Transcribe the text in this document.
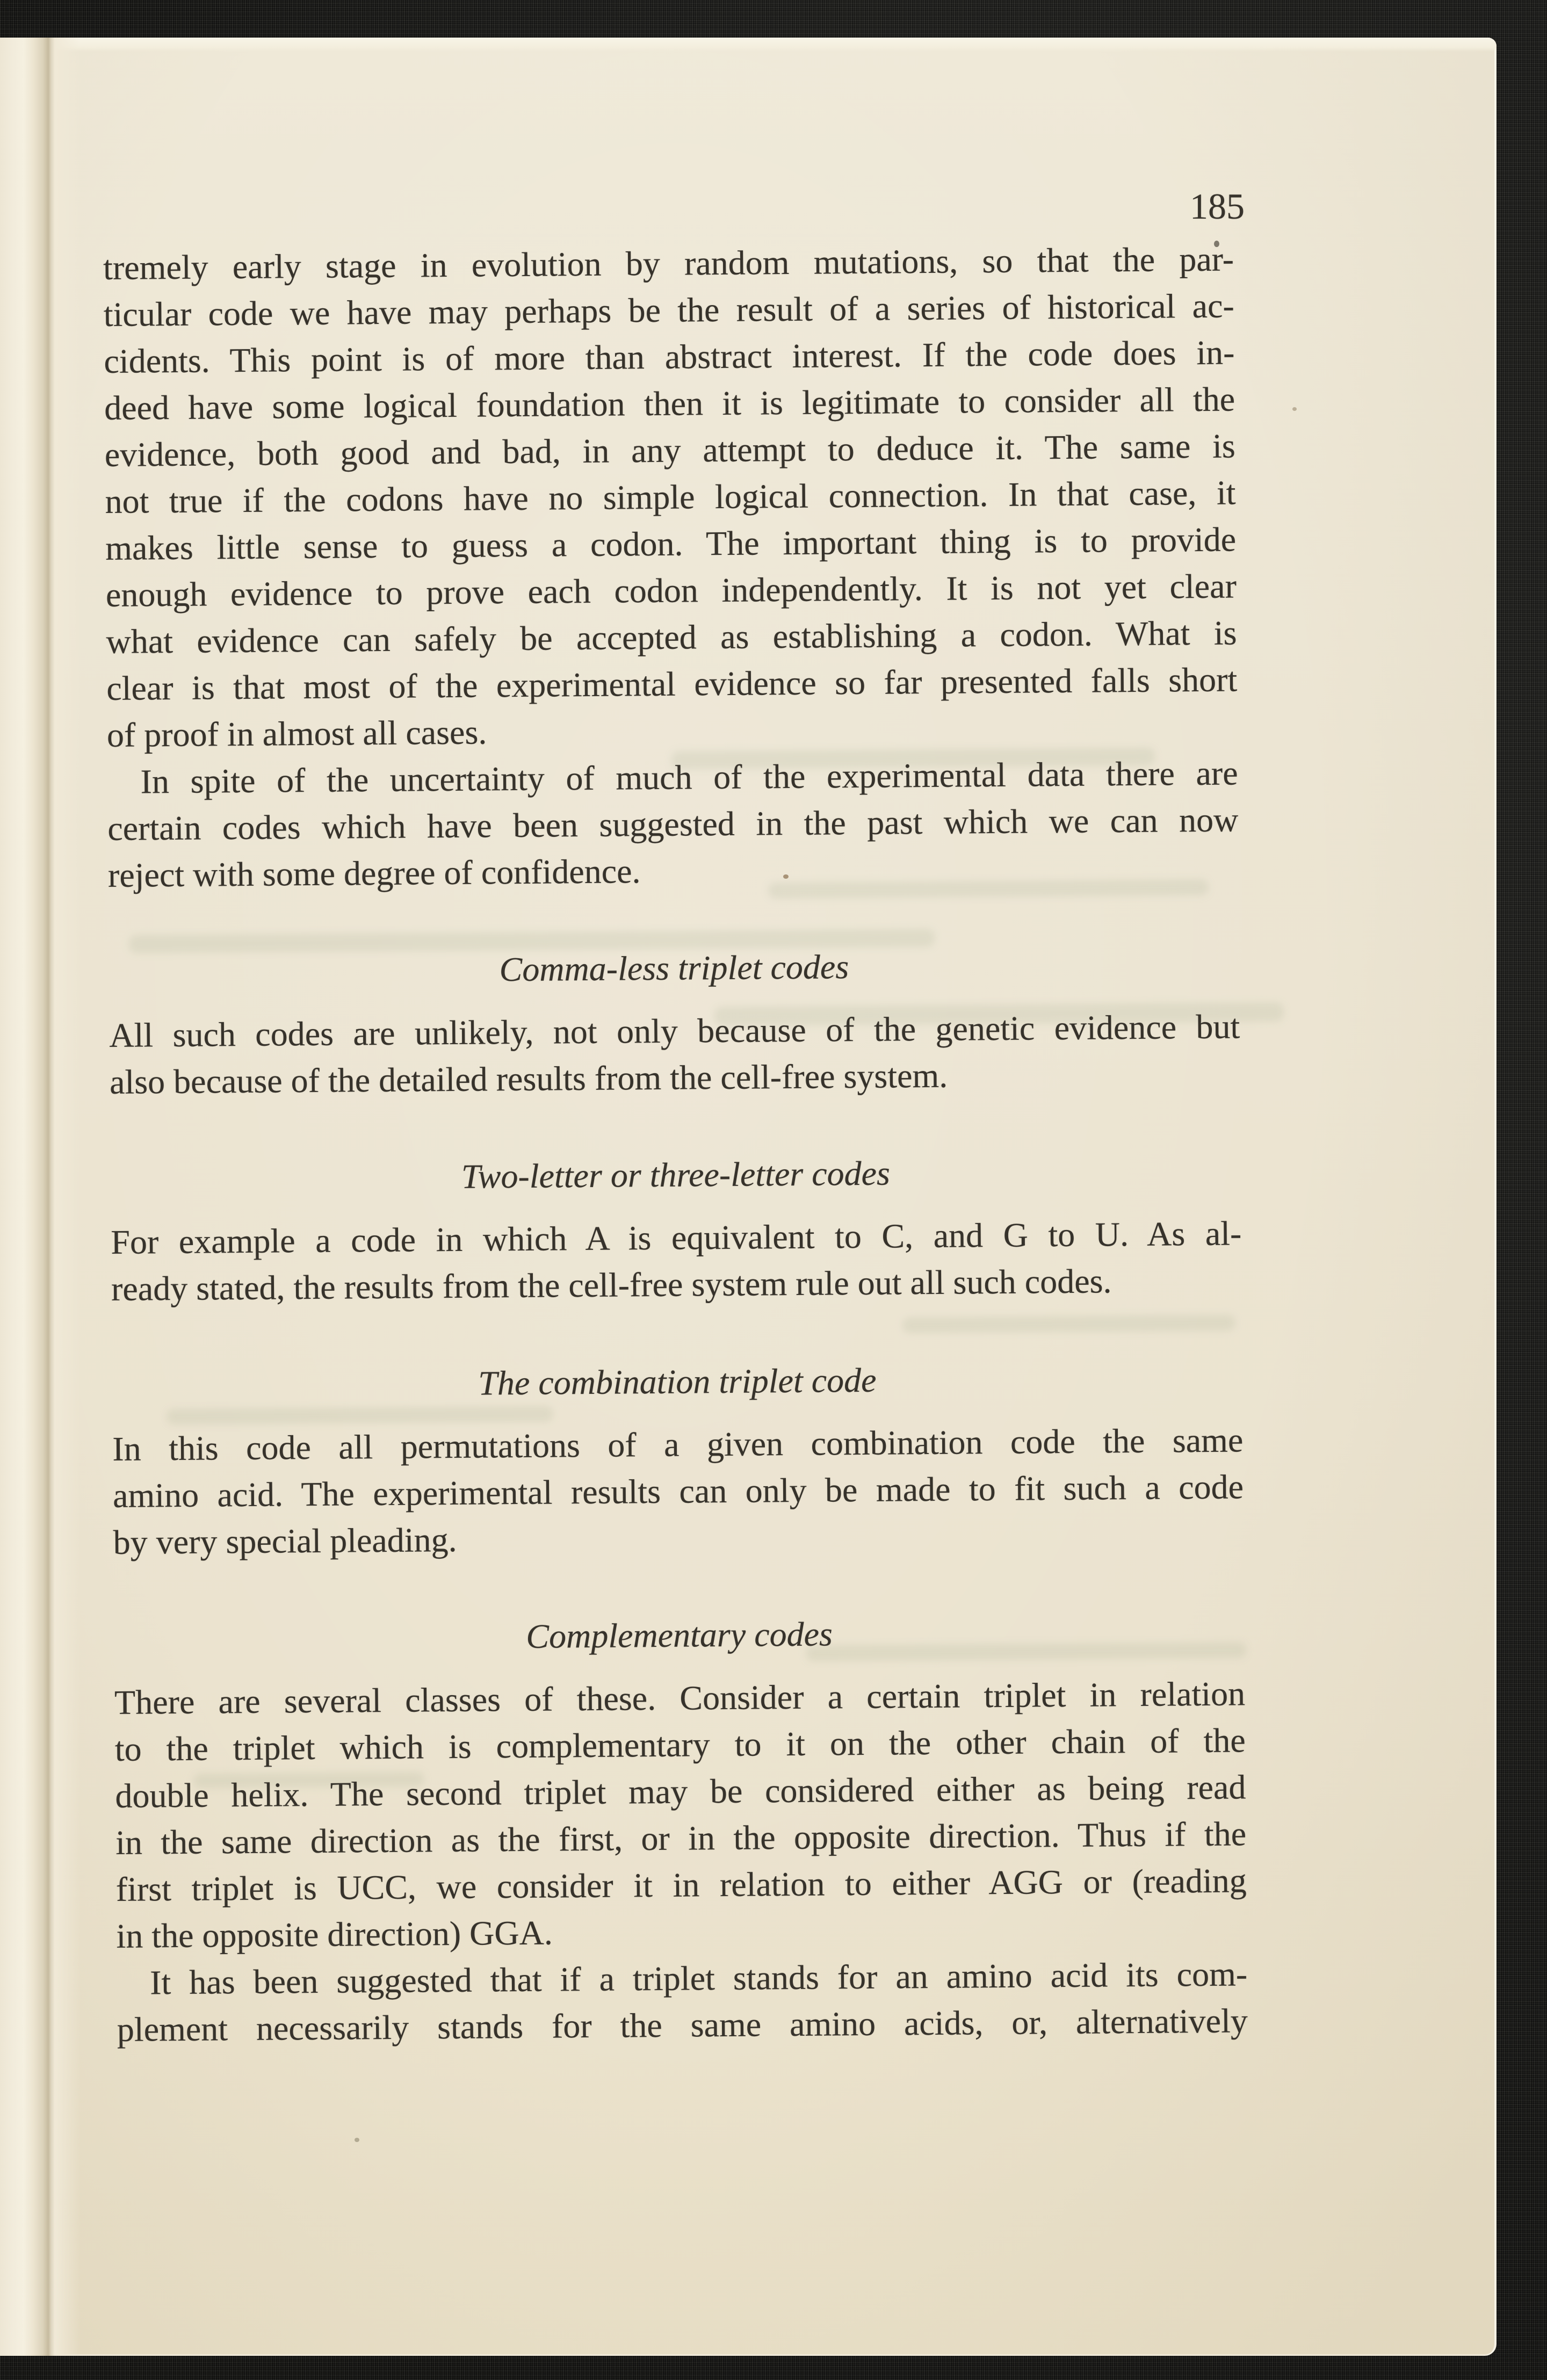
185
tremely early stage in evolution by random mutations, so that the par-
ticular code we have may perhaps be the result of a series of historical ac-
cidents. This point is of more than abstract interest. If the code does in-
deed have some logical foundation then it is legitimate to consider all the
evidence, both good and bad, in any attempt to deduce it. The same is
not true if the codons have no simple logical connection. In that case, it
makes little sense to guess a codon. The important thing is to provide
enough evidence to prove each codon independently. It is not yet clear
what evidence can safely be accepted as establishing a codon. What is
clear is that most of the experimental evidence so far presented falls short
of proof in almost all cases.
In spite of the uncertainty of much of the experimental data there are
certain codes which have been suggested in the past which we can now
reject with some degree of confidence.
Comma-less triplet codes
All such codes are unlikely, not only because of the genetic evidence but
also because of the detailed results from the cell-free system.
Two-letter or three-letter codes
For example a code in which A is equivalent to C, and G to U. As al-
ready stated, the results from the cell-free system rule out all such codes.
The combination triplet code
In this code all permutations of a given combination code the same
amino acid. The experimental results can only be made to fit such a code
by very special pleading.
Complementary codes
There are several classes of these. Consider a certain triplet in relation
to the triplet which is complementary to it on the other chain of the
double helix. The second triplet may be considered either as being read
in the same direction as the first, or in the opposite direction. Thus if the
first triplet is UCC, we consider it in relation to either AGG or (reading
in the opposite direction) GGA.
It has been suggested that if a triplet stands for an amino acid its com-
plement necessarily stands for the same amino acids, or, alternatively
